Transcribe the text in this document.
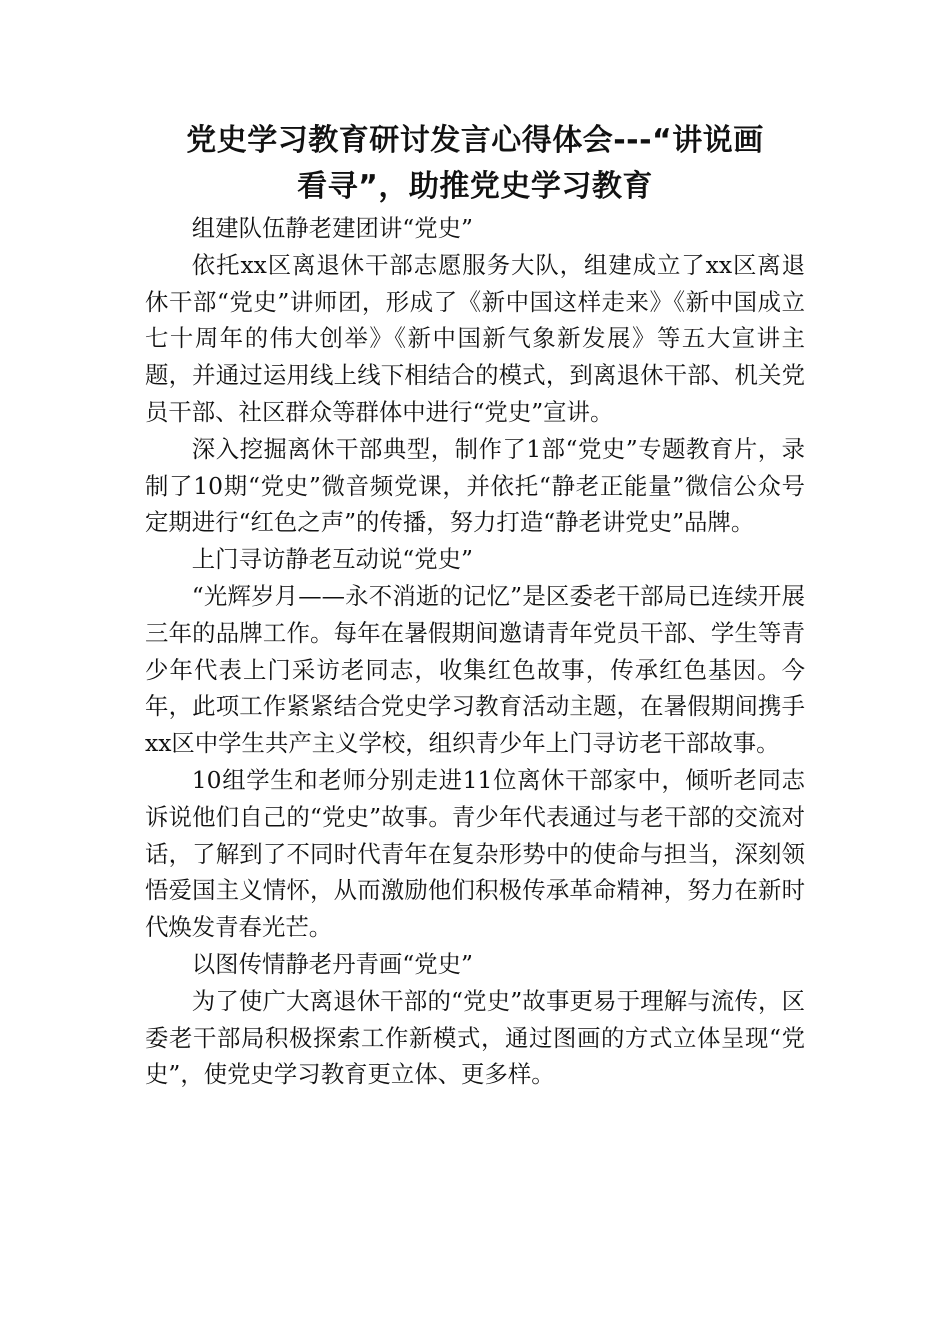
党史学习教育研讨发言心得体会---“讲说画
看寻”，助推党史学习教育

组建队伍静老建团讲“党史”

依托xx区离退休干部志愿服务大队，组建成立了xx区离退休干部“党史”讲师团，形成了《新中国这样走来》《新中国成立七十周年的伟大创举》《新中国新气象新发展》等五大宣讲主题，并通过运用线上线下相结合的模式，到离退休干部、机关党员干部、社区群众等群体中进行“党史”宣讲。

深入挖掘离休干部典型，制作了1部“党史”专题教育片，录制了10期“党史”微音频党课，并依托“静老正能量”微信公众号定期进行“红色之声”的传播，努力打造“静老讲党史”品牌。

上门寻访静老互动说“党史”

“光辉岁月——永不消逝的记忆”是区委老干部局已连续开展三年的品牌工作。每年在暑假期间邀请青年党员干部、学生等青少年代表上门采访老同志，收集红色故事，传承红色基因。今年，此项工作紧紧结合党史学习教育活动主题，在暑假期间携手xx区中学生共产主义学校，组织青少年上门寻访老干部故事。

10组学生和老师分别走进11位离休干部家中，倾听老同志诉说他们自己的“党史”故事。青少年代表通过与老干部的交流对话，了解到了不同时代青年在复杂形势中的使命与担当，深刻领悟爱国主义情怀，从而激励他们积极传承革命精神，努力在新时代焕发青春光芒。

以图传情静老丹青画“党史”

为了使广大离退休干部的“党史”故事更易于理解与流传，区委老干部局积极探索工作新模式，通过图画的方式立体呈现“党史”，使党史学习教育更立体、更多样。
